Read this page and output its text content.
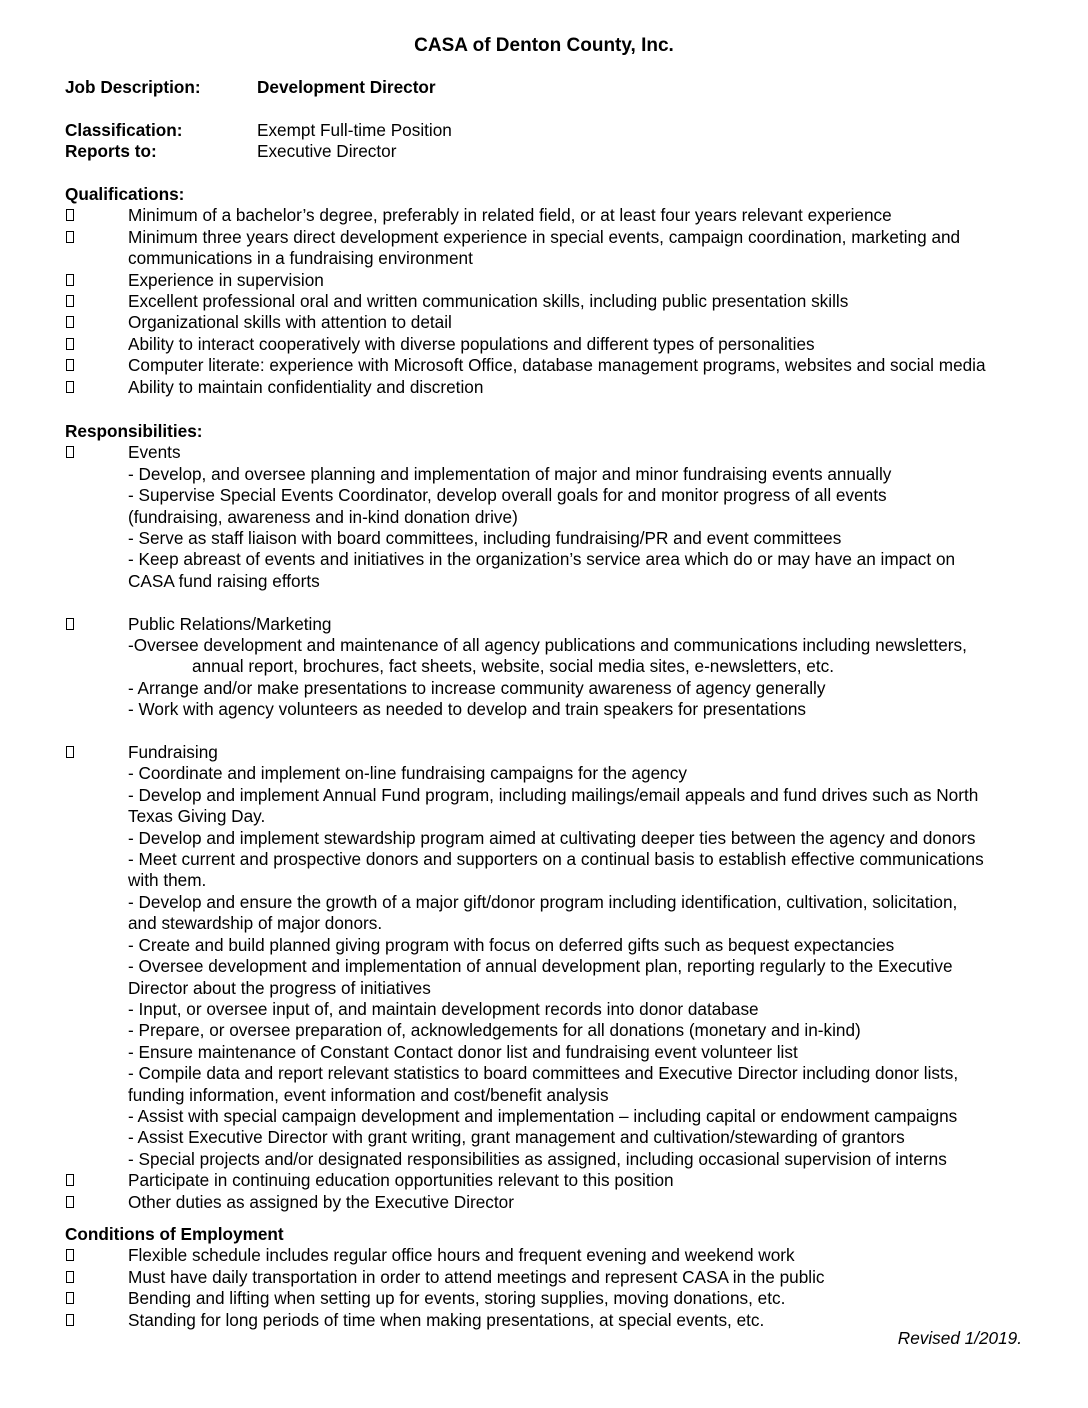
CASA of Denton County, Inc.
Job Description:	Development Director
Classification:	Exempt Full-time Position
Reports to:	Executive Director
Qualifications:
Minimum of a bachelor’s degree, preferably in related field, or at least four years relevant experience
Minimum three years direct development experience in special events, campaign coordination, marketing and
communications in a fundraising environment
Experience in supervision
Excellent professional oral and written communication skills, including public presentation skills
Organizational skills with attention to detail
Ability to interact cooperatively with diverse populations and different types of personalities
Computer literate: experience with Microsoft Office, database management programs, websites and social media
Ability to maintain confidentiality and discretion
Responsibilities:
Events
- Develop, and oversee planning and implementation of major and minor fundraising events annually
- Supervise Special Events Coordinator, develop overall goals for and monitor progress of all events
(fundraising, awareness and in-kind donation drive)
- Serve as staff liaison with board committees, including fundraising/PR and event committees
- Keep abreast of events and initiatives in the organization’s service area which do or may have an impact on
CASA fund raising efforts
Public Relations/Marketing
-Oversee development and maintenance of all agency publications and communications including newsletters,
annual report, brochures, fact sheets, website, social media sites, e-newsletters, etc.
- Arrange and/or make presentations to increase community awareness of agency generally
- Work with agency volunteers as needed to develop and train speakers for presentations
Fundraising
- Coordinate and implement on-line fundraising campaigns for the agency
- Develop and implement Annual Fund program, including mailings/email appeals and fund drives such as North
Texas Giving Day.
- Develop and implement stewardship program aimed at cultivating deeper ties between the agency and donors
- Meet current and prospective donors and supporters on a continual basis to establish effective communications
with them.
- Develop and ensure the growth of a major gift/donor program including identification, cultivation, solicitation,
and stewardship of major donors.
- Create and build planned giving program with focus on deferred gifts such as bequest expectancies
- Oversee development and implementation of annual development plan, reporting regularly to the Executive
Director about the progress of initiatives
- Input, or oversee input of, and maintain development records into donor database
- Prepare, or oversee preparation of, acknowledgements for all donations (monetary and in-kind)
- Ensure maintenance of Constant Contact donor list and fundraising event volunteer list
- Compile data and report relevant statistics to board committees and Executive Director including donor lists,
funding information, event information and cost/benefit analysis
- Assist with special campaign development and implementation – including capital or endowment campaigns
- Assist Executive Director with grant writing, grant management and cultivation/stewarding of grantors
- Special projects and/or designated responsibilities as assigned, including occasional supervision of interns
Participate in continuing education opportunities relevant to this position
Other duties as assigned by the Executive Director
Conditions of Employment
Flexible schedule includes regular office hours and frequent evening and weekend work
Must have daily transportation in order to attend meetings and represent CASA in the public
Bending and lifting when setting up for events, storing supplies, moving donations, etc.
Standing for long periods of time when making presentations, at special events, etc.
Revised 1/2019.
